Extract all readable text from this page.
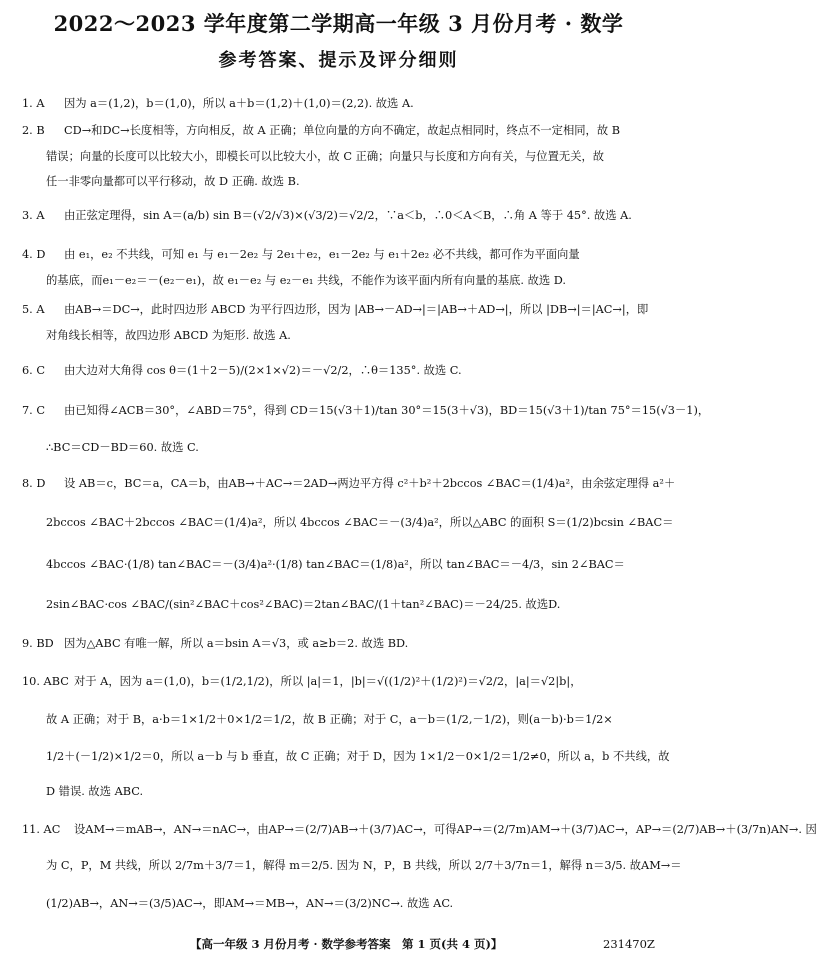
2022～2023 学年度第二学期高一年级 3 月份月考 · 数学
参考答案、提示及评分细则
1. A 因为 a＝(1,2)，b＝(1,0)，所以 a＋b＝(1,2)＋(1,0)＝(2,2). 故选 A.
2. B CD→和DC→长度相等，方向相反，故 A 正确；单位向量的方向不确定，故起点相同时，终点不一定相同，故 B
错误；向量的长度可以比较大小，即模长可以比较大小，故 C 正确；向量只与长度和方向有关，与位置无关，故
任一非零向量都可以平行移动，故 D 正确. 故选 B.
3. A 由正弦定理得，sin A＝(a/b) sin B＝(√2/√3)×(√3/2)＝√2/2，∵a＜b，∴0＜A＜B，∴角 A 等于 45°. 故选 A.
4. D 由 e₁，e₂ 不共线，可知 e₁ 与 e₁－2e₂ 与 2e₁＋e₂，e₁－2e₂ 与 e₁＋2e₂ 必不共线，都可作为平面向量
的基底，而e₁－e₂＝－(e₂－e₁)，故 e₁－e₂ 与 e₂－e₁ 共线，不能作为该平面内所有向量的基底. 故选 D.
5. A 由AB→＝DC→，此时四边形 ABCD 为平行四边形，因为 |AB→－AD→|＝|AB→＋AD→|，所以 |DB→|＝|AC→|，即
对角线长相等，故四边形 ABCD 为矩形. 故选 A.
6. C 由大边对大角得 cos θ＝(1＋2－5)/(2×1×√2)＝－√2/2，∴θ＝135°. 故选 C.
7. C 由已知得∠ACB＝30°，∠ABD＝75°，得到 CD＝15(√3＋1)/tan 30°＝15(3＋√3)，BD＝15(√3＋1)/tan 75°＝15(√3－1)，
∴BC＝CD－BD＝60. 故选 C.
8. D 设 AB＝c，BC＝a，CA＝b，由AB→＋AC→＝2AD→两边平方得 c²＋b²＋2bccos ∠BAC＝(1/4)a²，由余弦定理得 a²＋
2bccos ∠BAC＋2bccos ∠BAC＝(1/4)a²，所以 4bccos ∠BAC＝－(3/4)a²，所以△ABC 的面积 S＝(1/2)bcsin ∠BAC＝
4bccos ∠BAC·(1/8) tan∠BAC＝－(3/4)a²·(1/8) tan∠BAC＝(1/8)a²，所以 tan∠BAC＝－4/3，sin 2∠BAC＝
2sin∠BAC·cos ∠BAC/(sin²∠BAC＋cos²∠BAC)＝2tan∠BAC/(1＋tan²∠BAC)＝－24/25. 故选D.
9. BD 因为△ABC 有唯一解，所以 a＝bsin A＝√3，或 a≥b＝2. 故选 BD.
10. ABC 对于 A，因为 a＝(1,0)，b＝(1/2,1/2)，所以 |a|＝1，|b|＝√((1/2)²＋(1/2)²)＝√2/2，|a|＝√2|b|，
故 A 正确；对于 B，a·b＝1×1/2＋0×1/2＝1/2，故 B 正确；对于 C，a－b＝(1/2,－1/2)，则(a－b)·b＝1/2×
1/2＋(－1/2)×1/2＝0，所以 a－b 与 b 垂直，故 C 正确；对于 D，因为 1×1/2－0×1/2＝1/2≠0，所以 a，b 不共线，故
D 错误. 故选 ABC.
11. AC 设AM→＝mAB→，AN→＝nAC→，由AP→＝(2/7)AB→＋(3/7)AC→，可得AP→＝(2/7m)AM→＋(3/7)AC→，AP→＝(2/7)AB→＋(3/7n)AN→. 因
为 C，P，M 共线，所以 2/7m＋3/7＝1，解得 m＝2/5. 因为 N，P，B 共线，所以 2/7＋3/7n＝1，解得 n＝3/5. 故AM→＝
(1/2)AB→，AN→＝(3/5)AC→，即AM→＝MB→，AN→＝(3/2)NC→. 故选 AC.
【高一年级 3 月份月考 · 数学参考答案　第 1 页(共 4 页)】	231470Z
